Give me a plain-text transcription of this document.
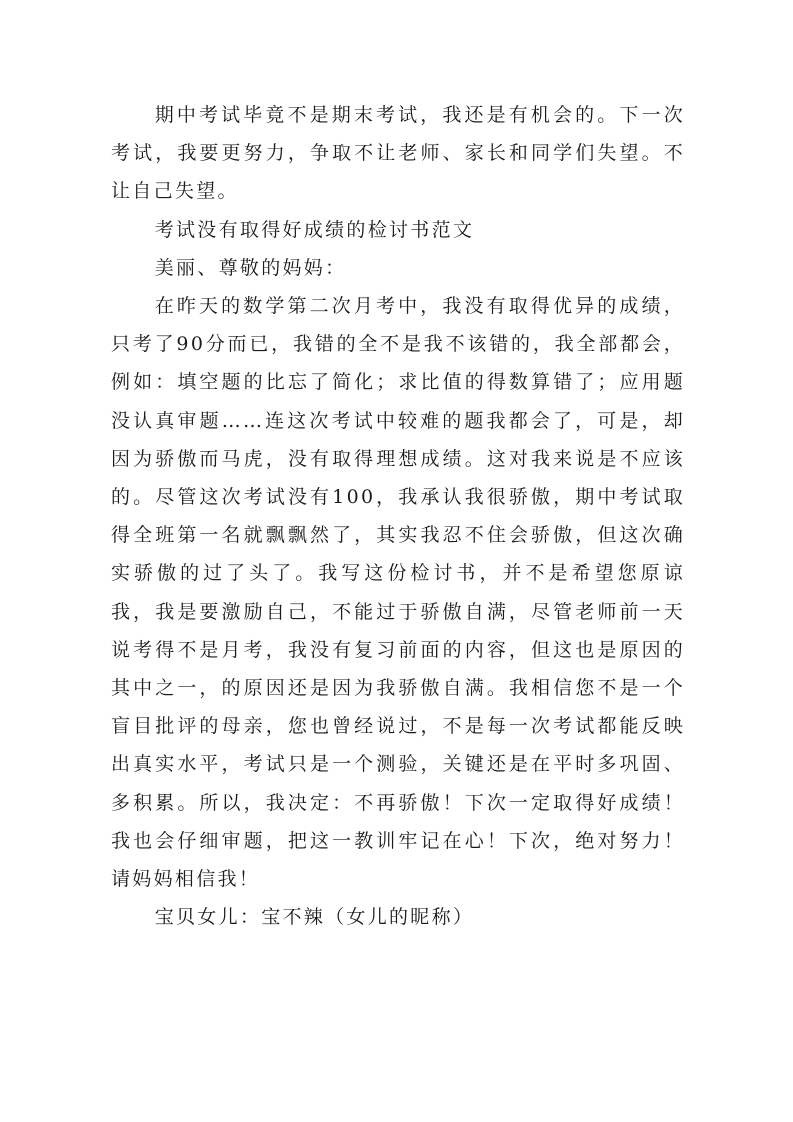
期中考试毕竟不是期末考试，我还是有机会的。下一次考试，我要更努力，争取不让老师、家长和同学们失望。不让自己失望。

考试没有取得好成绩的检讨书范文

美丽、尊敬的妈妈：

在昨天的数学第二次月考中，我没有取得优异的成绩，只考了90分而已，我错的全不是我不该错的，我全部都会，例如：填空题的比忘了简化；求比值的得数算错了；应用题没认真审题……连这次考试中较难的题我都会了，可是，却因为骄傲而马虎，没有取得理想成绩。这对我来说是不应该的。尽管这次考试没有100，我承认我很骄傲，期中考试取得全班第一名就飘飘然了，其实我忍不住会骄傲，但这次确实骄傲的过了头了。我写这份检讨书，并不是希望您原谅我，我是要激励自己，不能过于骄傲自满，尽管老师前一天说考得不是月考，我没有复习前面的内容，但这也是原因的其中之一，的原因还是因为我骄傲自满。我相信您不是一个盲目批评的母亲，您也曾经说过，不是每一次考试都能反映出真实水平，考试只是一个测验，关键还是在平时多巩固、多积累。所以，我决定：不再骄傲！下次一定取得好成绩！我也会仔细审题，把这一教训牢记在心！下次，绝对努力！请妈妈相信我！

宝贝女儿：宝不辣（女儿的昵称）
